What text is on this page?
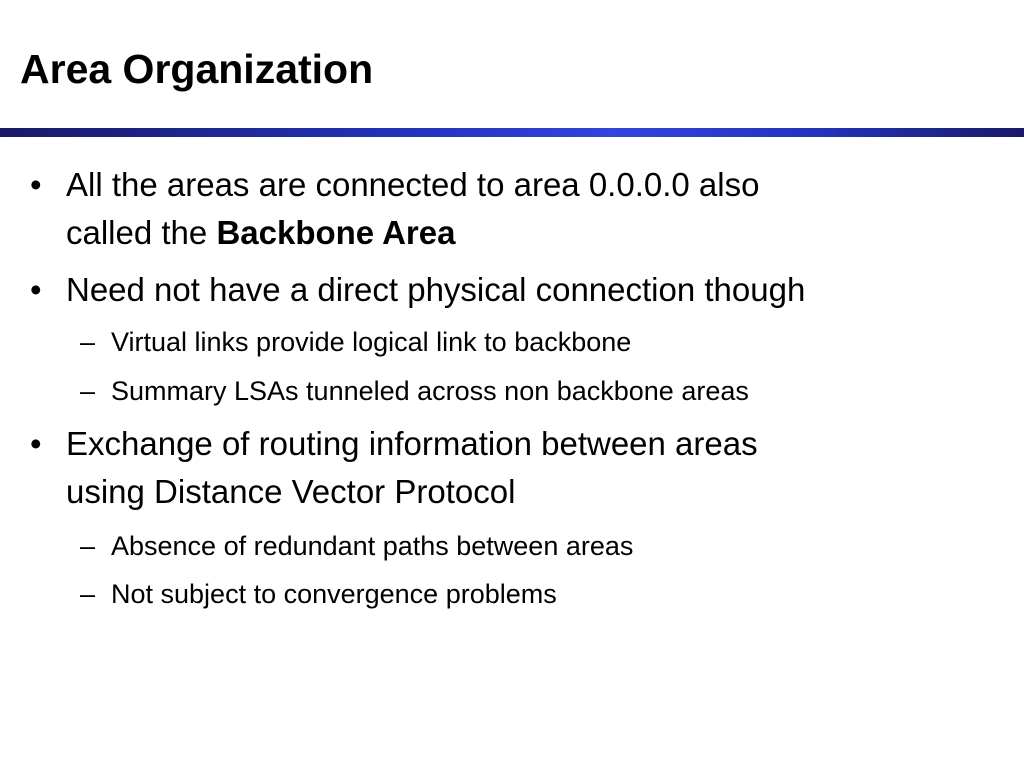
Area Organization
• All the areas are connected to area 0.0.0.0 also
called the Backbone Area
• Need not have a direct physical connection though
– Virtual links provide logical link to backbone
– Summary LSAs tunneled across non backbone areas
• Exchange of routing information between areas
using Distance Vector Protocol
– Absence of redundant paths between areas
– Not subject to convergence problems
